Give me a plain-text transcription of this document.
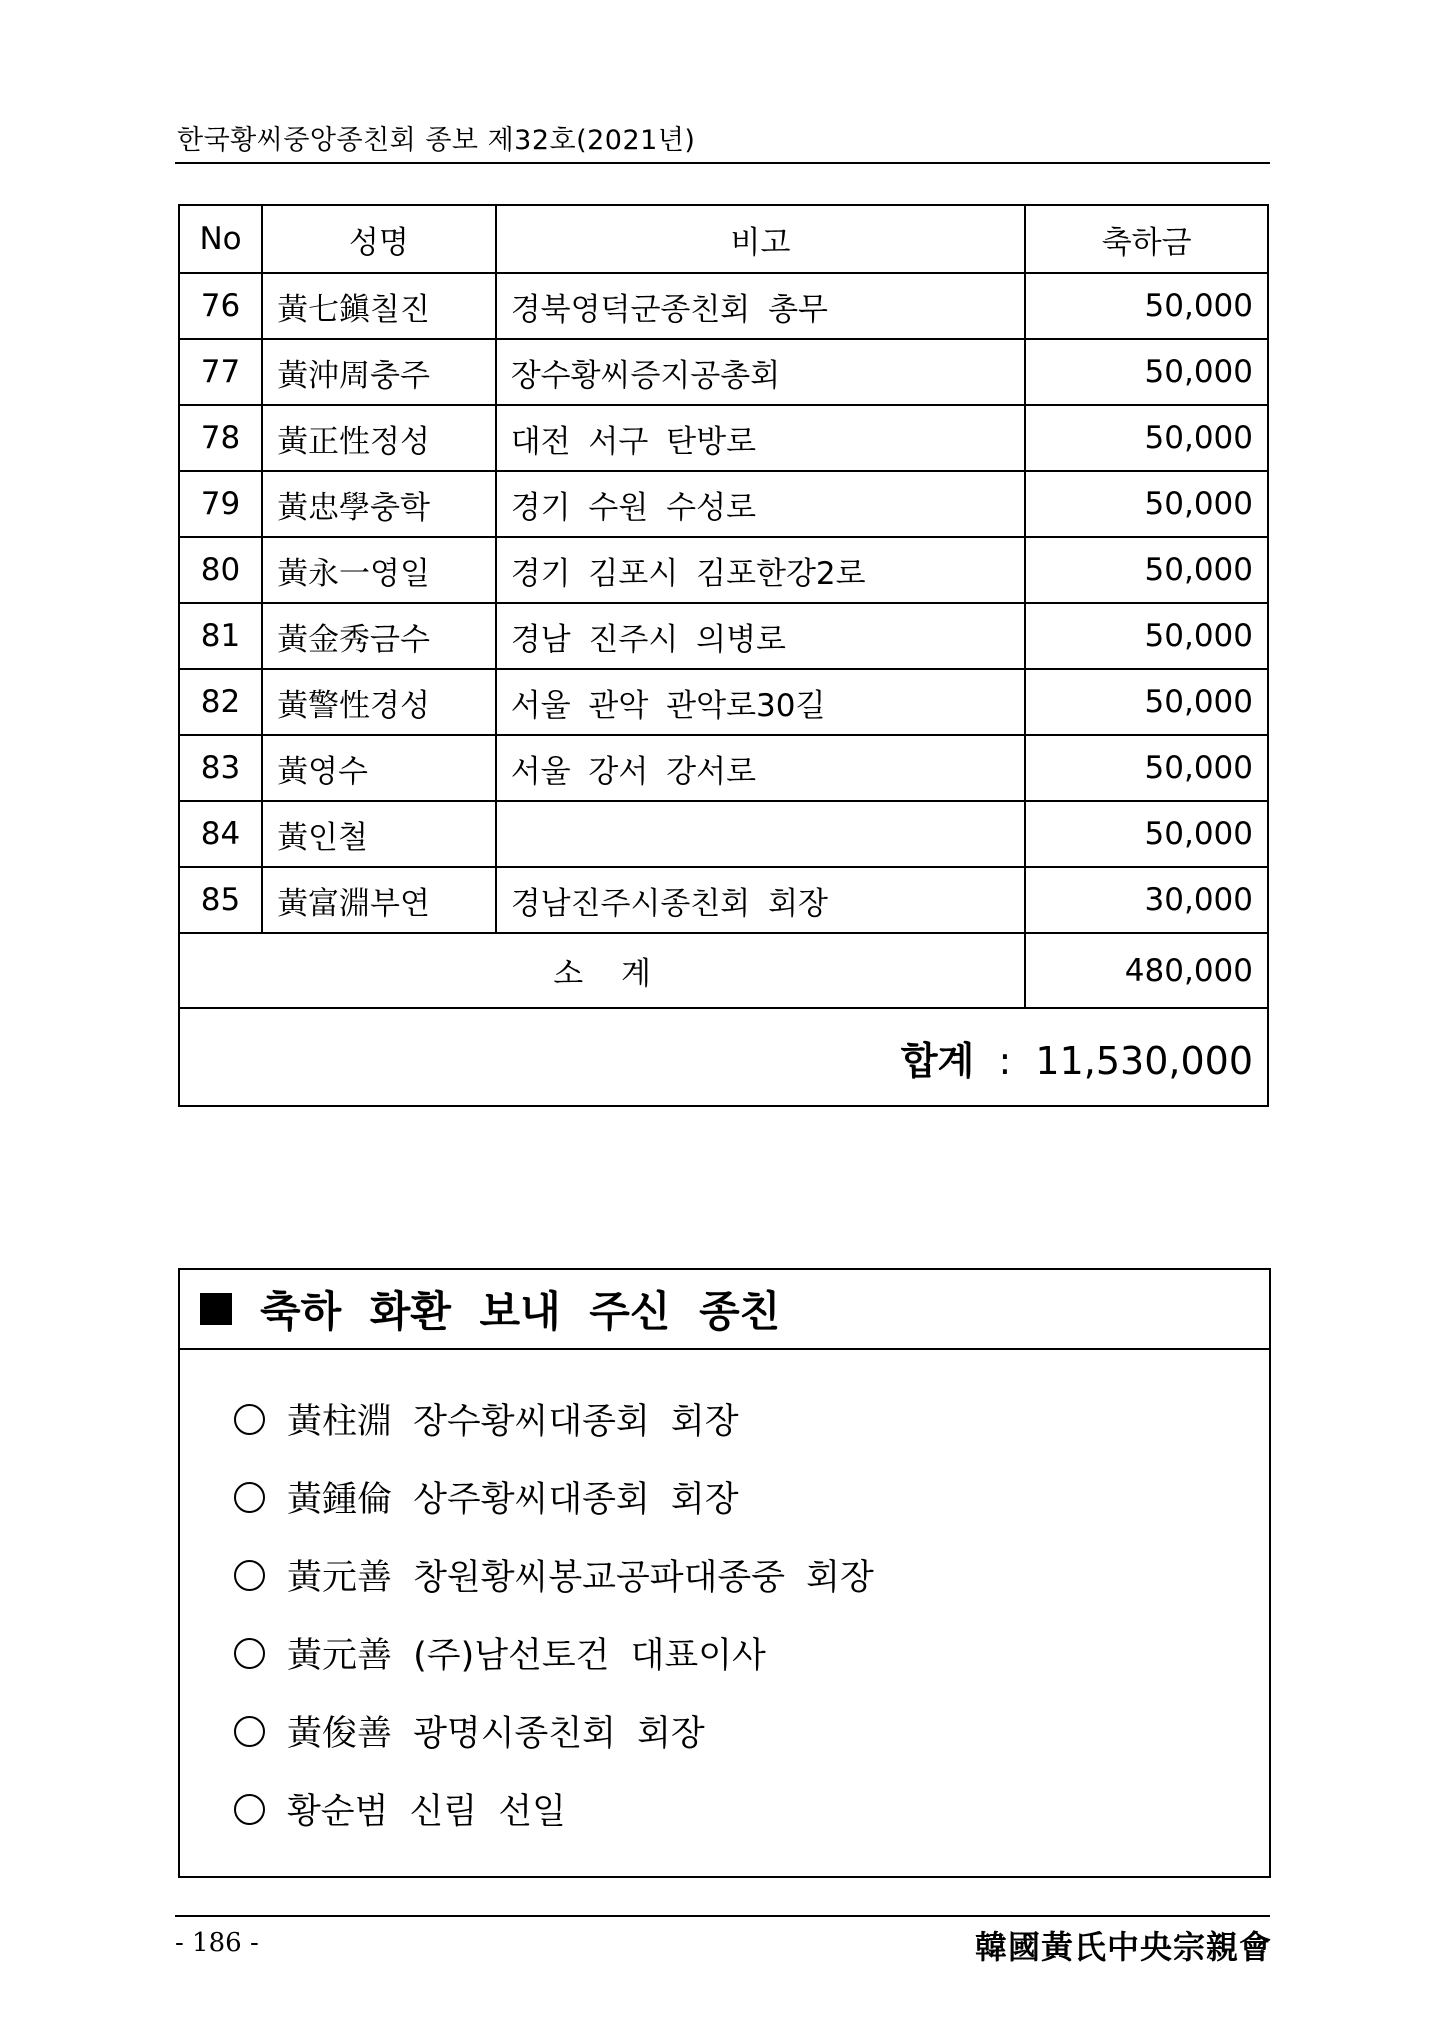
한국황씨중앙종친회 종보 제32호(2021년)
No	성명	비고	축하금
76	黃七鎭칠진	경북영덕군종친회 총무	50,000
77	黃沖周충주	장수황씨증지공총회	50,000
78	黃正性정성	대전 서구 탄방로	50,000
79	黃忠學충학	경기 수원 수성로	50,000
80	黃永一영일	경기 김포시 김포한강2로	50,000
81	黃金秀금수	경남 진주시 의병로	50,000
82	黃警性경성	서울 관악 관악로30길	50,000
83	黃영수	서울 강서 강서로	50,000
84	黃인철		50,000
85	黃富淵부연	경남진주시종친회 회장	30,000
소 계			480,000
합계 : 11,530,000			
축하 화환 보내 주신 종친
黃柱淵 장수황씨대종회 회장
黃鍾倫 상주황씨대종회 회장
黃元善 창원황씨봉교공파대종중 회장
黃元善 (주)남선토건 대표이사
黃俊善 광명시종친회 회장
황순범 신림 선일
- 186 -	韓國黃氏中央宗親會
